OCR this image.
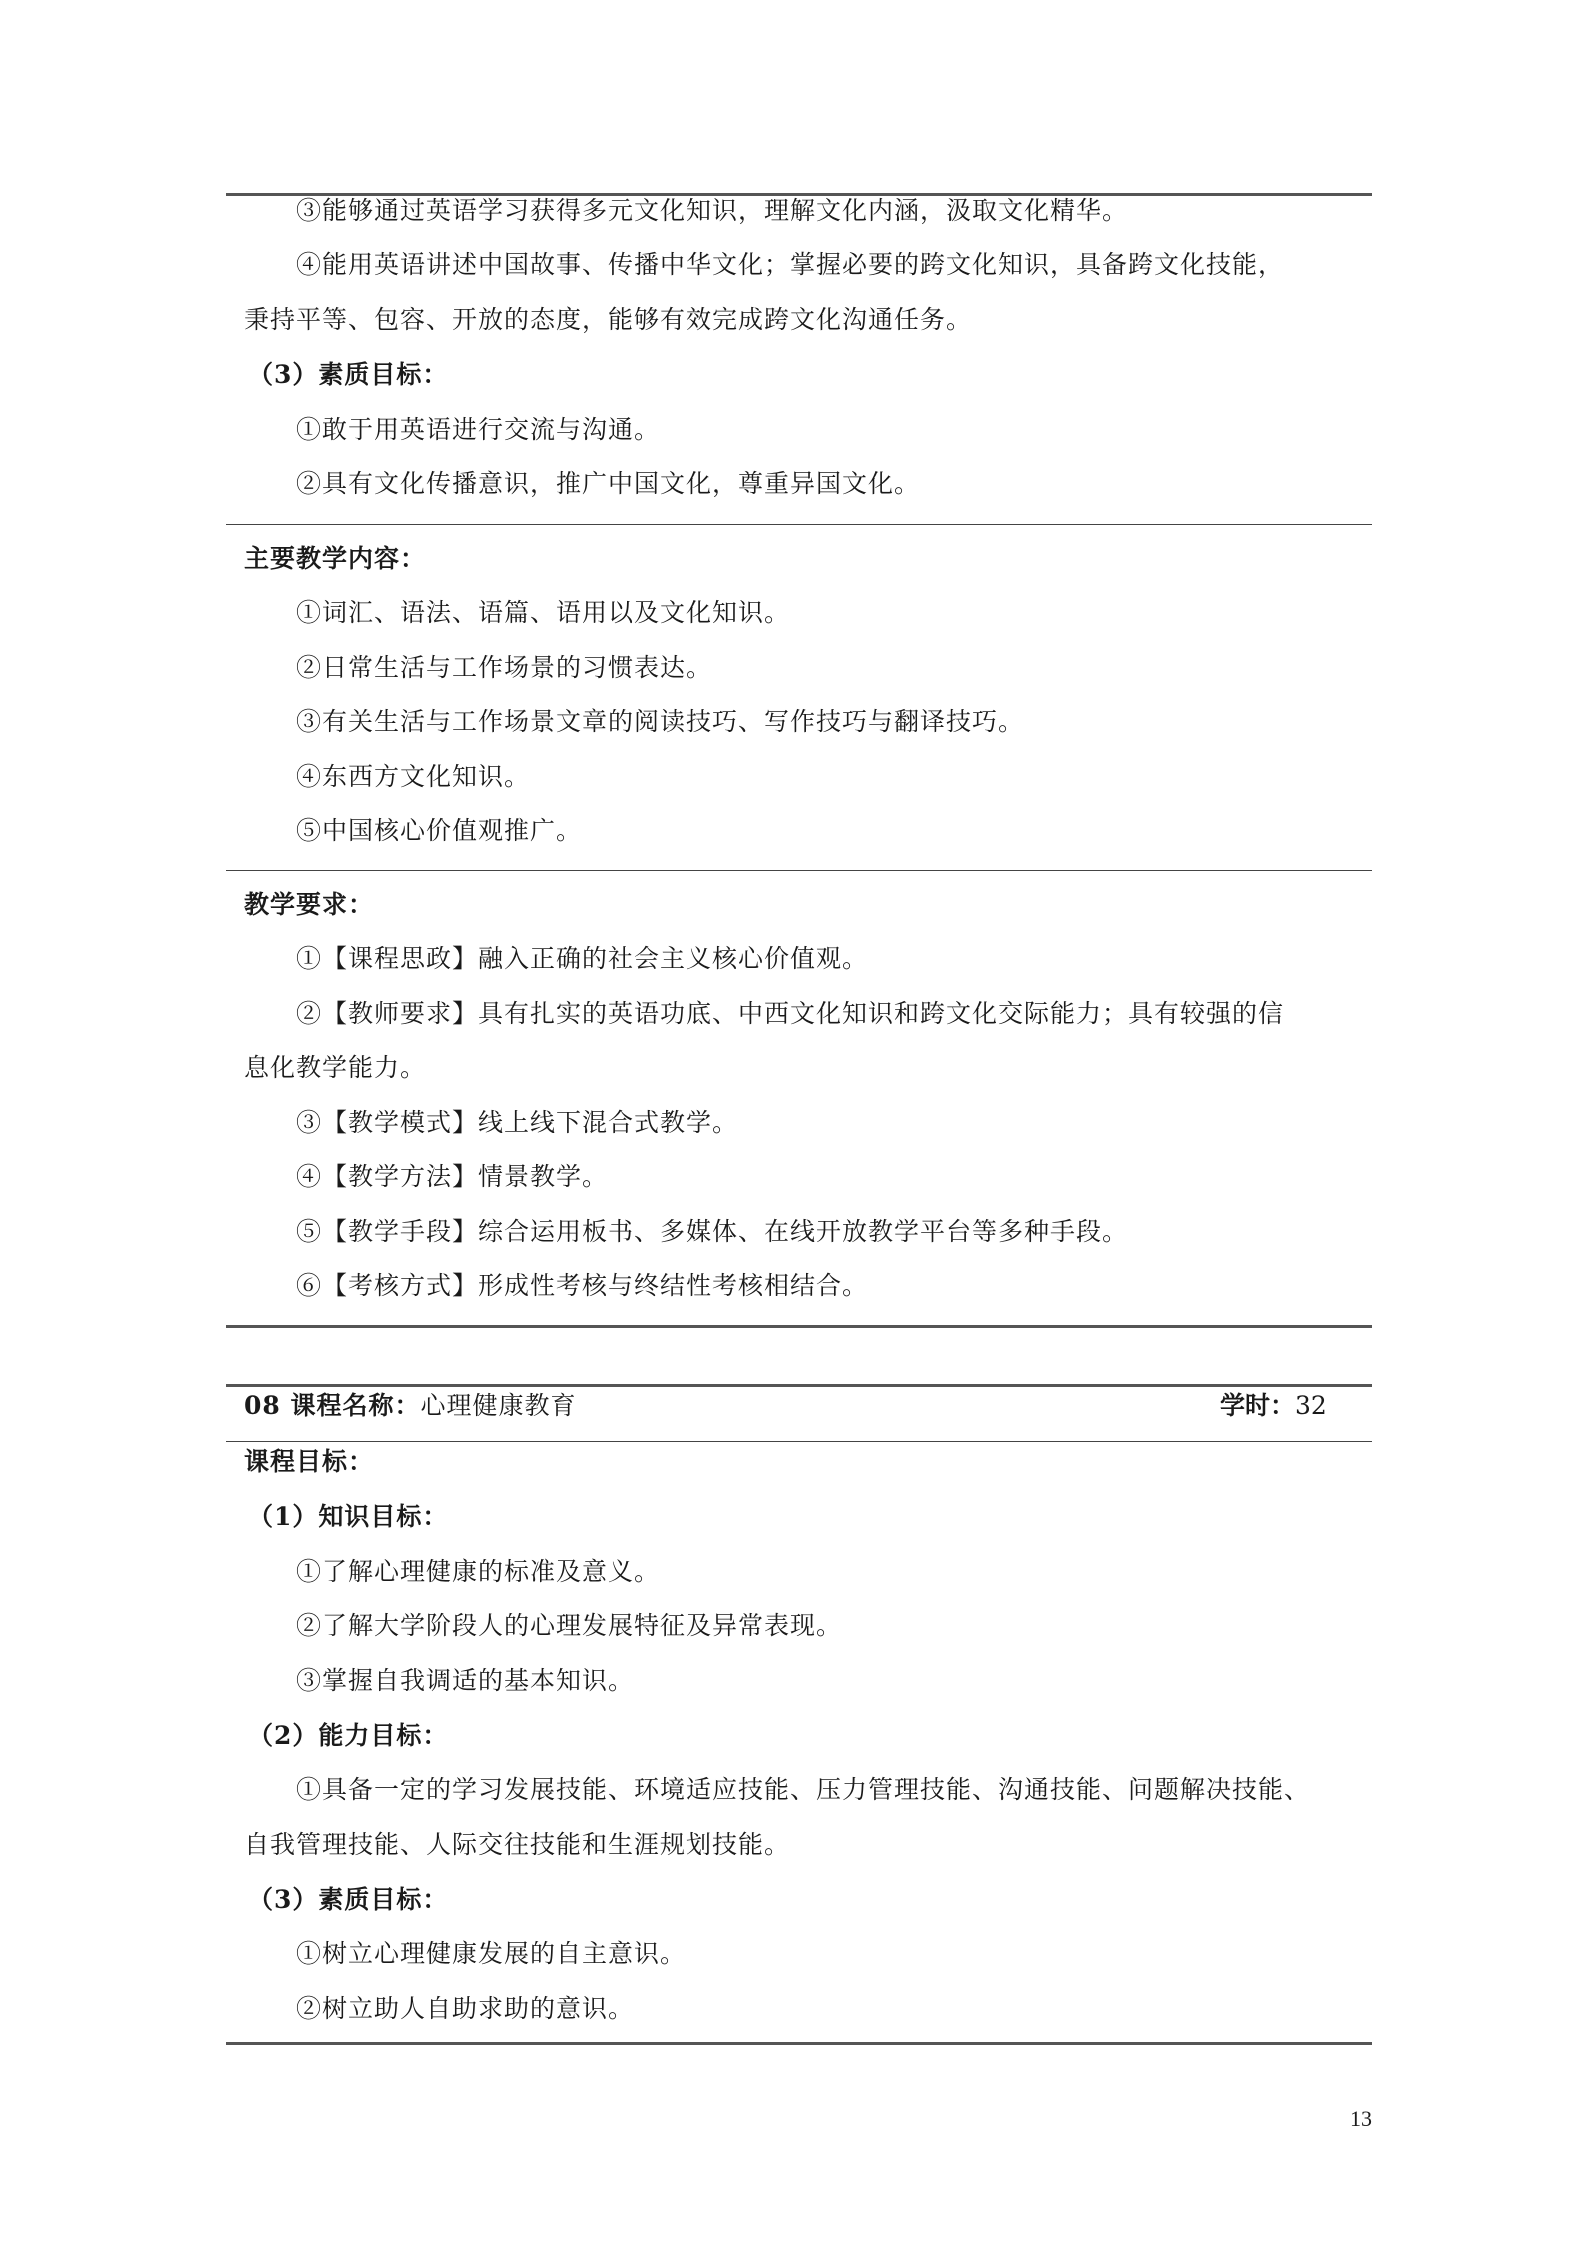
③能够通过英语学习获得多元文化知识，理解文化内涵，汲取文化精华。
④能用英语讲述中国故事、传播中华文化；掌握必要的跨文化知识，具备跨文化技能，
秉持平等、包容、开放的态度，能够有效完成跨文化沟通任务。
（3）素质目标：
①敢于用英语进行交流与沟通。
②具有文化传播意识，推广中国文化，尊重异国文化。
主要教学内容：
①词汇、语法、语篇、语用以及文化知识。
②日常生活与工作场景的习惯表达。
③有关生活与工作场景文章的阅读技巧、写作技巧与翻译技巧。
④东西方文化知识。
⑤中国核心价值观推广。
教学要求：
①【课程思政】融入正确的社会主义核心价值观。
②【教师要求】具有扎实的英语功底、中西文化知识和跨文化交际能力；具有较强的信
息化教学能力。
③【教学模式】线上线下混合式教学。
④【教学方法】情景教学。
⑤【教学手段】综合运用板书、多媒体、在线开放教学平台等多种手段。
⑥【考核方式】形成性考核与终结性考核相结合。
08 课程名称：心理健康教育	学时：32
课程目标：
（1）知识目标：
①了解心理健康的标准及意义。
②了解大学阶段人的心理发展特征及异常表现。
③掌握自我调适的基本知识。
（2）能力目标：
①具备一定的学习发展技能、环境适应技能、压力管理技能、沟通技能、问题解决技能、
自我管理技能、人际交往技能和生涯规划技能。
（3）素质目标：
①树立心理健康发展的自主意识。
②树立助人自助求助的意识。
13
